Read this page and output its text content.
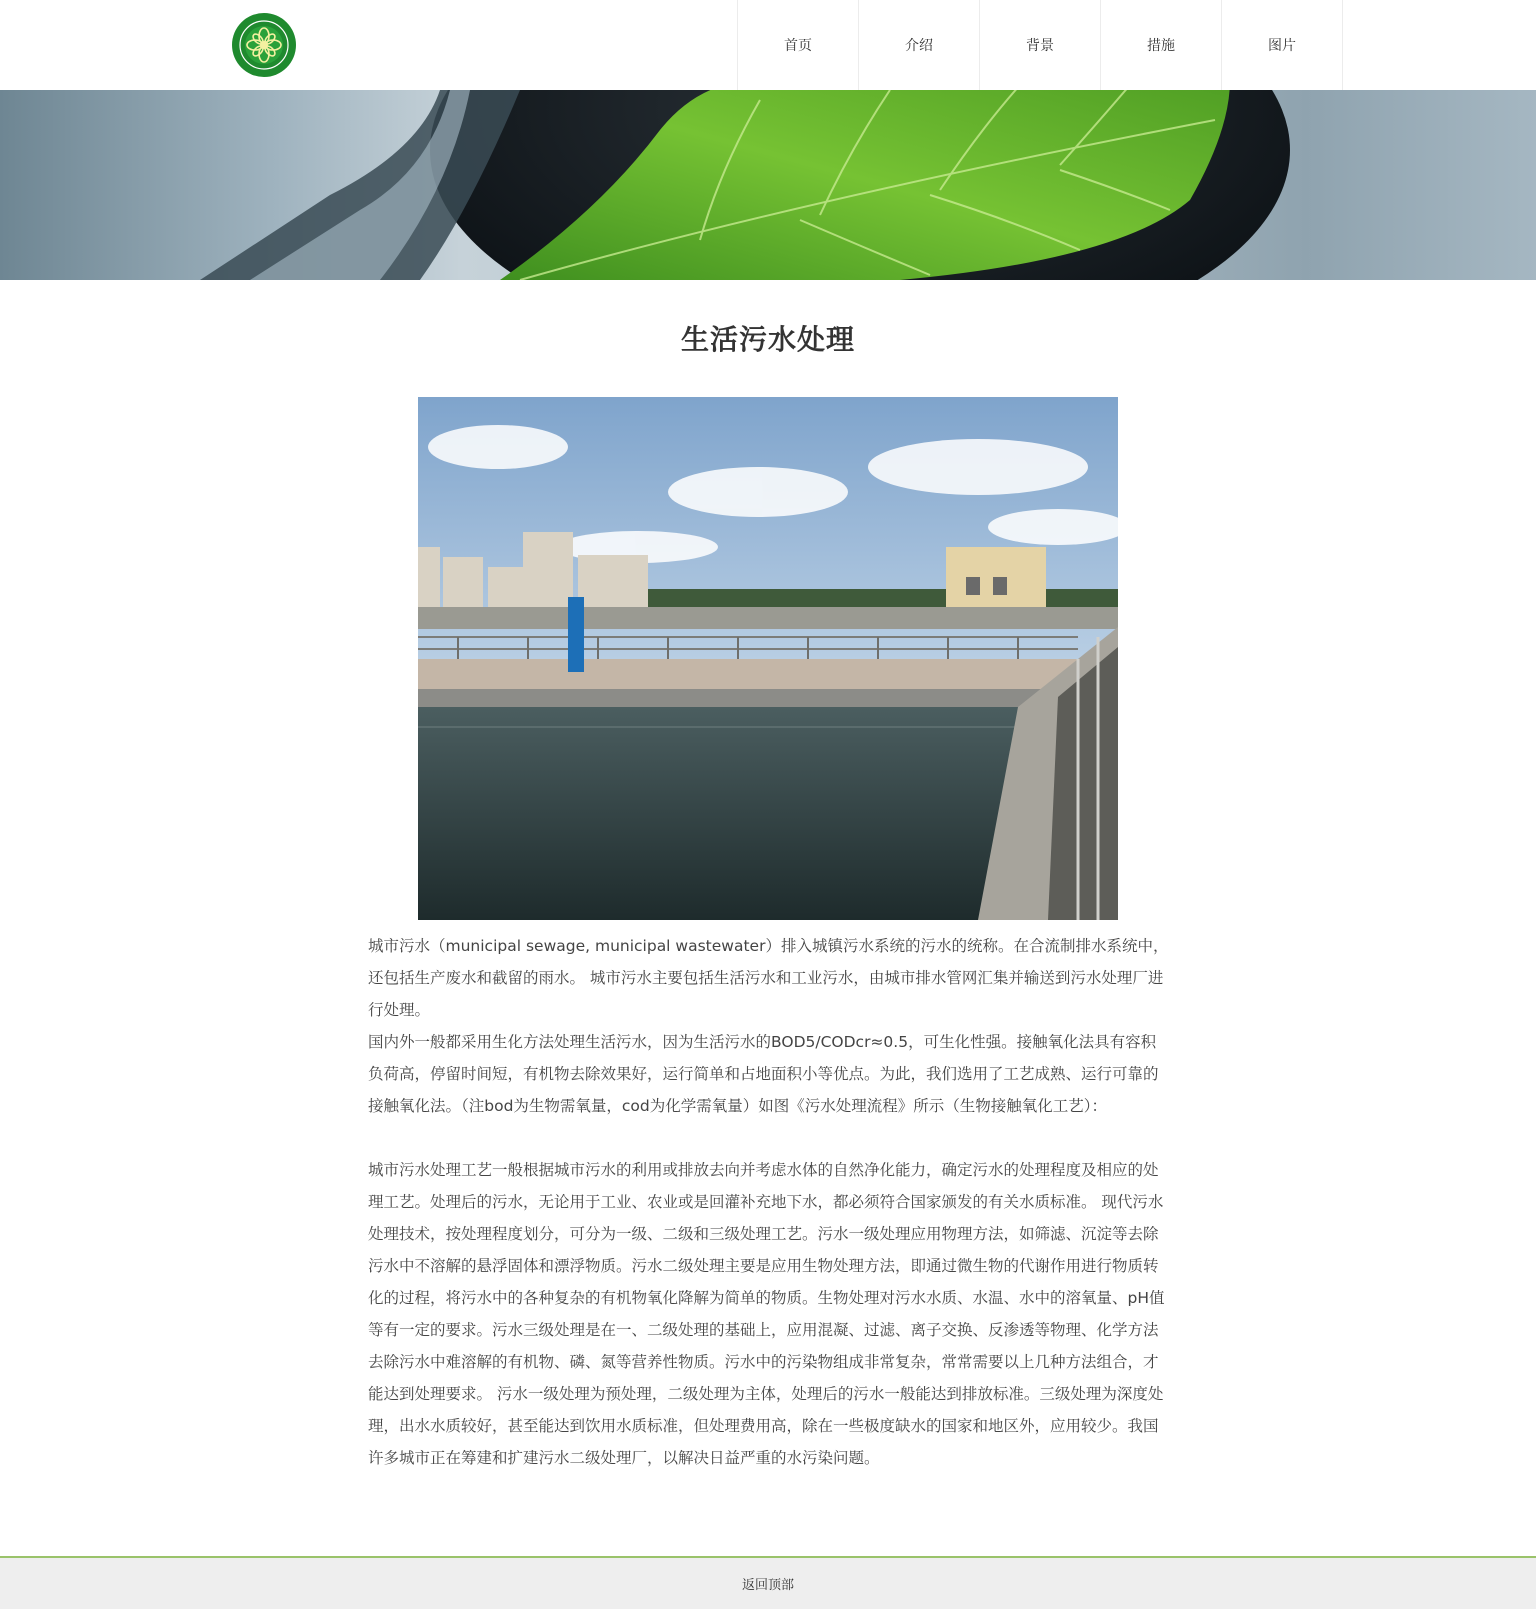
首页	介绍	背景	措施	图片
生活污水处理

城市污水（municipal sewage, municipal wastewater）排入城镇污水系统的污水的统称。在合流制排水系统中，还包括生产废水和截留的雨水。 城市污水主要包括生活污水和工业污水，由城市排水管网汇集并输送到污水处理厂进行处理。

国内外一般都采用生化方法处理生活污水，因为生活污水的BOD5/CODcr≈0.5，可生化性强。接触氧化法具有容积负荷高，停留时间短，有机物去除效果好，运行简单和占地面积小等优点。为此，我们选用了工艺成熟、运行可靠的接触氧化法。（注bod为生物需氧量，cod为化学需氧量）如图《污水处理流程》所示（生物接触氧化工艺）：

城市污水处理工艺一般根据城市污水的利用或排放去向并考虑水体的自然净化能力，确定污水的处理程度及相应的处理工艺。处理后的污水，无论用于工业、农业或是回灌补充地下水，都必须符合国家颁发的有关水质标准。 现代污水处理技术，按处理程度划分，可分为一级、二级和三级处理工艺。污水一级处理应用物理方法，如筛滤、沉淀等去除污水中不溶解的悬浮固体和漂浮物质。污水二级处理主要是应用生物处理方法，即通过微生物的代谢作用进行物质转化的过程，将污水中的各种复杂的有机物氧化降解为简单的物质。生物处理对污水水质、水温、水中的溶氧量、pH值等有一定的要求。污水三级处理是在一、二级处理的基础上，应用混凝、过滤、离子交换、反渗透等物理、化学方法去除污水中难溶解的有机物、磷、氮等营养性物质。污水中的污染物组成非常复杂，常常需要以上几种方法组合，才能达到处理要求。 污水一级处理为预处理，二级处理为主体，处理后的污水一般能达到排放标准。三级处理为深度处理，出水水质较好，甚至能达到饮用水质标准，但处理费用高，除在一些极度缺水的国家和地区外，应用较少。我国许多城市正在筹建和扩建污水二级处理厂，以解决日益严重的水污染问题。

返回顶部
